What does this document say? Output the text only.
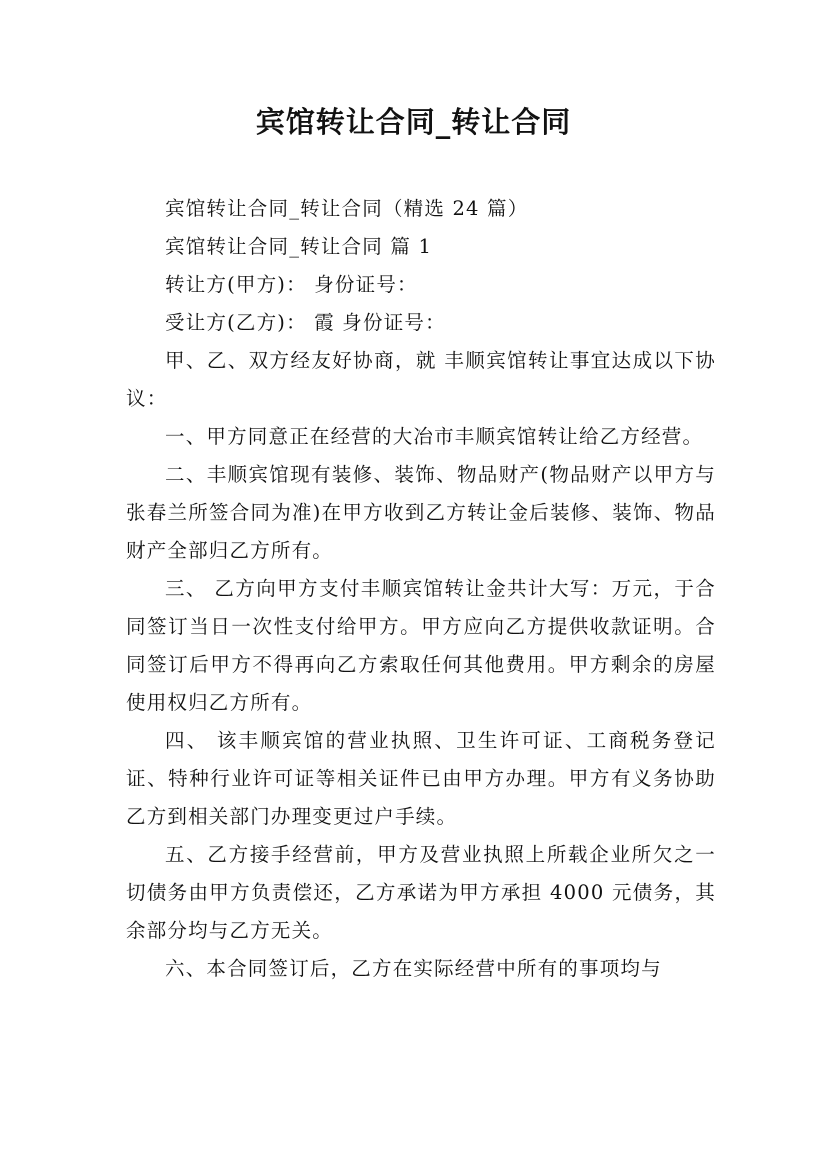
宾馆转让合同_转让合同

宾馆转让合同_转让合同（精选 24 篇）

宾馆转让合同_转让合同 篇 1

转让方(甲方)： 身份证号：

受让方(乙方)： 霞 身份证号：

甲、乙、双方经友好协商，就 丰顺宾馆转让事宜达成以下协议：

一、甲方同意正在经营的大冶市丰顺宾馆转让给乙方经营。

二、丰顺宾馆现有装修、装饰、物品财产(物品财产以甲方与张春兰所签合同为准)在甲方收到乙方转让金后装修、装饰、物品财产全部归乙方所有。

三、 乙方向甲方支付丰顺宾馆转让金共计大写：万元，于合同签订当日一次性支付给甲方。甲方应向乙方提供收款证明。合同签订后甲方不得再向乙方索取任何其他费用。甲方剩余的房屋使用权归乙方所有。

四、 该丰顺宾馆的营业执照、卫生许可证、工商税务登记证、特种行业许可证等相关证件已由甲方办理。甲方有义务协助乙方到相关部门办理变更过户手续。

五、乙方接手经营前，甲方及营业执照上所载企业所欠之一切债务由甲方负责偿还，乙方承诺为甲方承担 4000 元债务，其余部分均与乙方无关。

六、本合同签订后，乙方在实际经营中所有的事项均与
